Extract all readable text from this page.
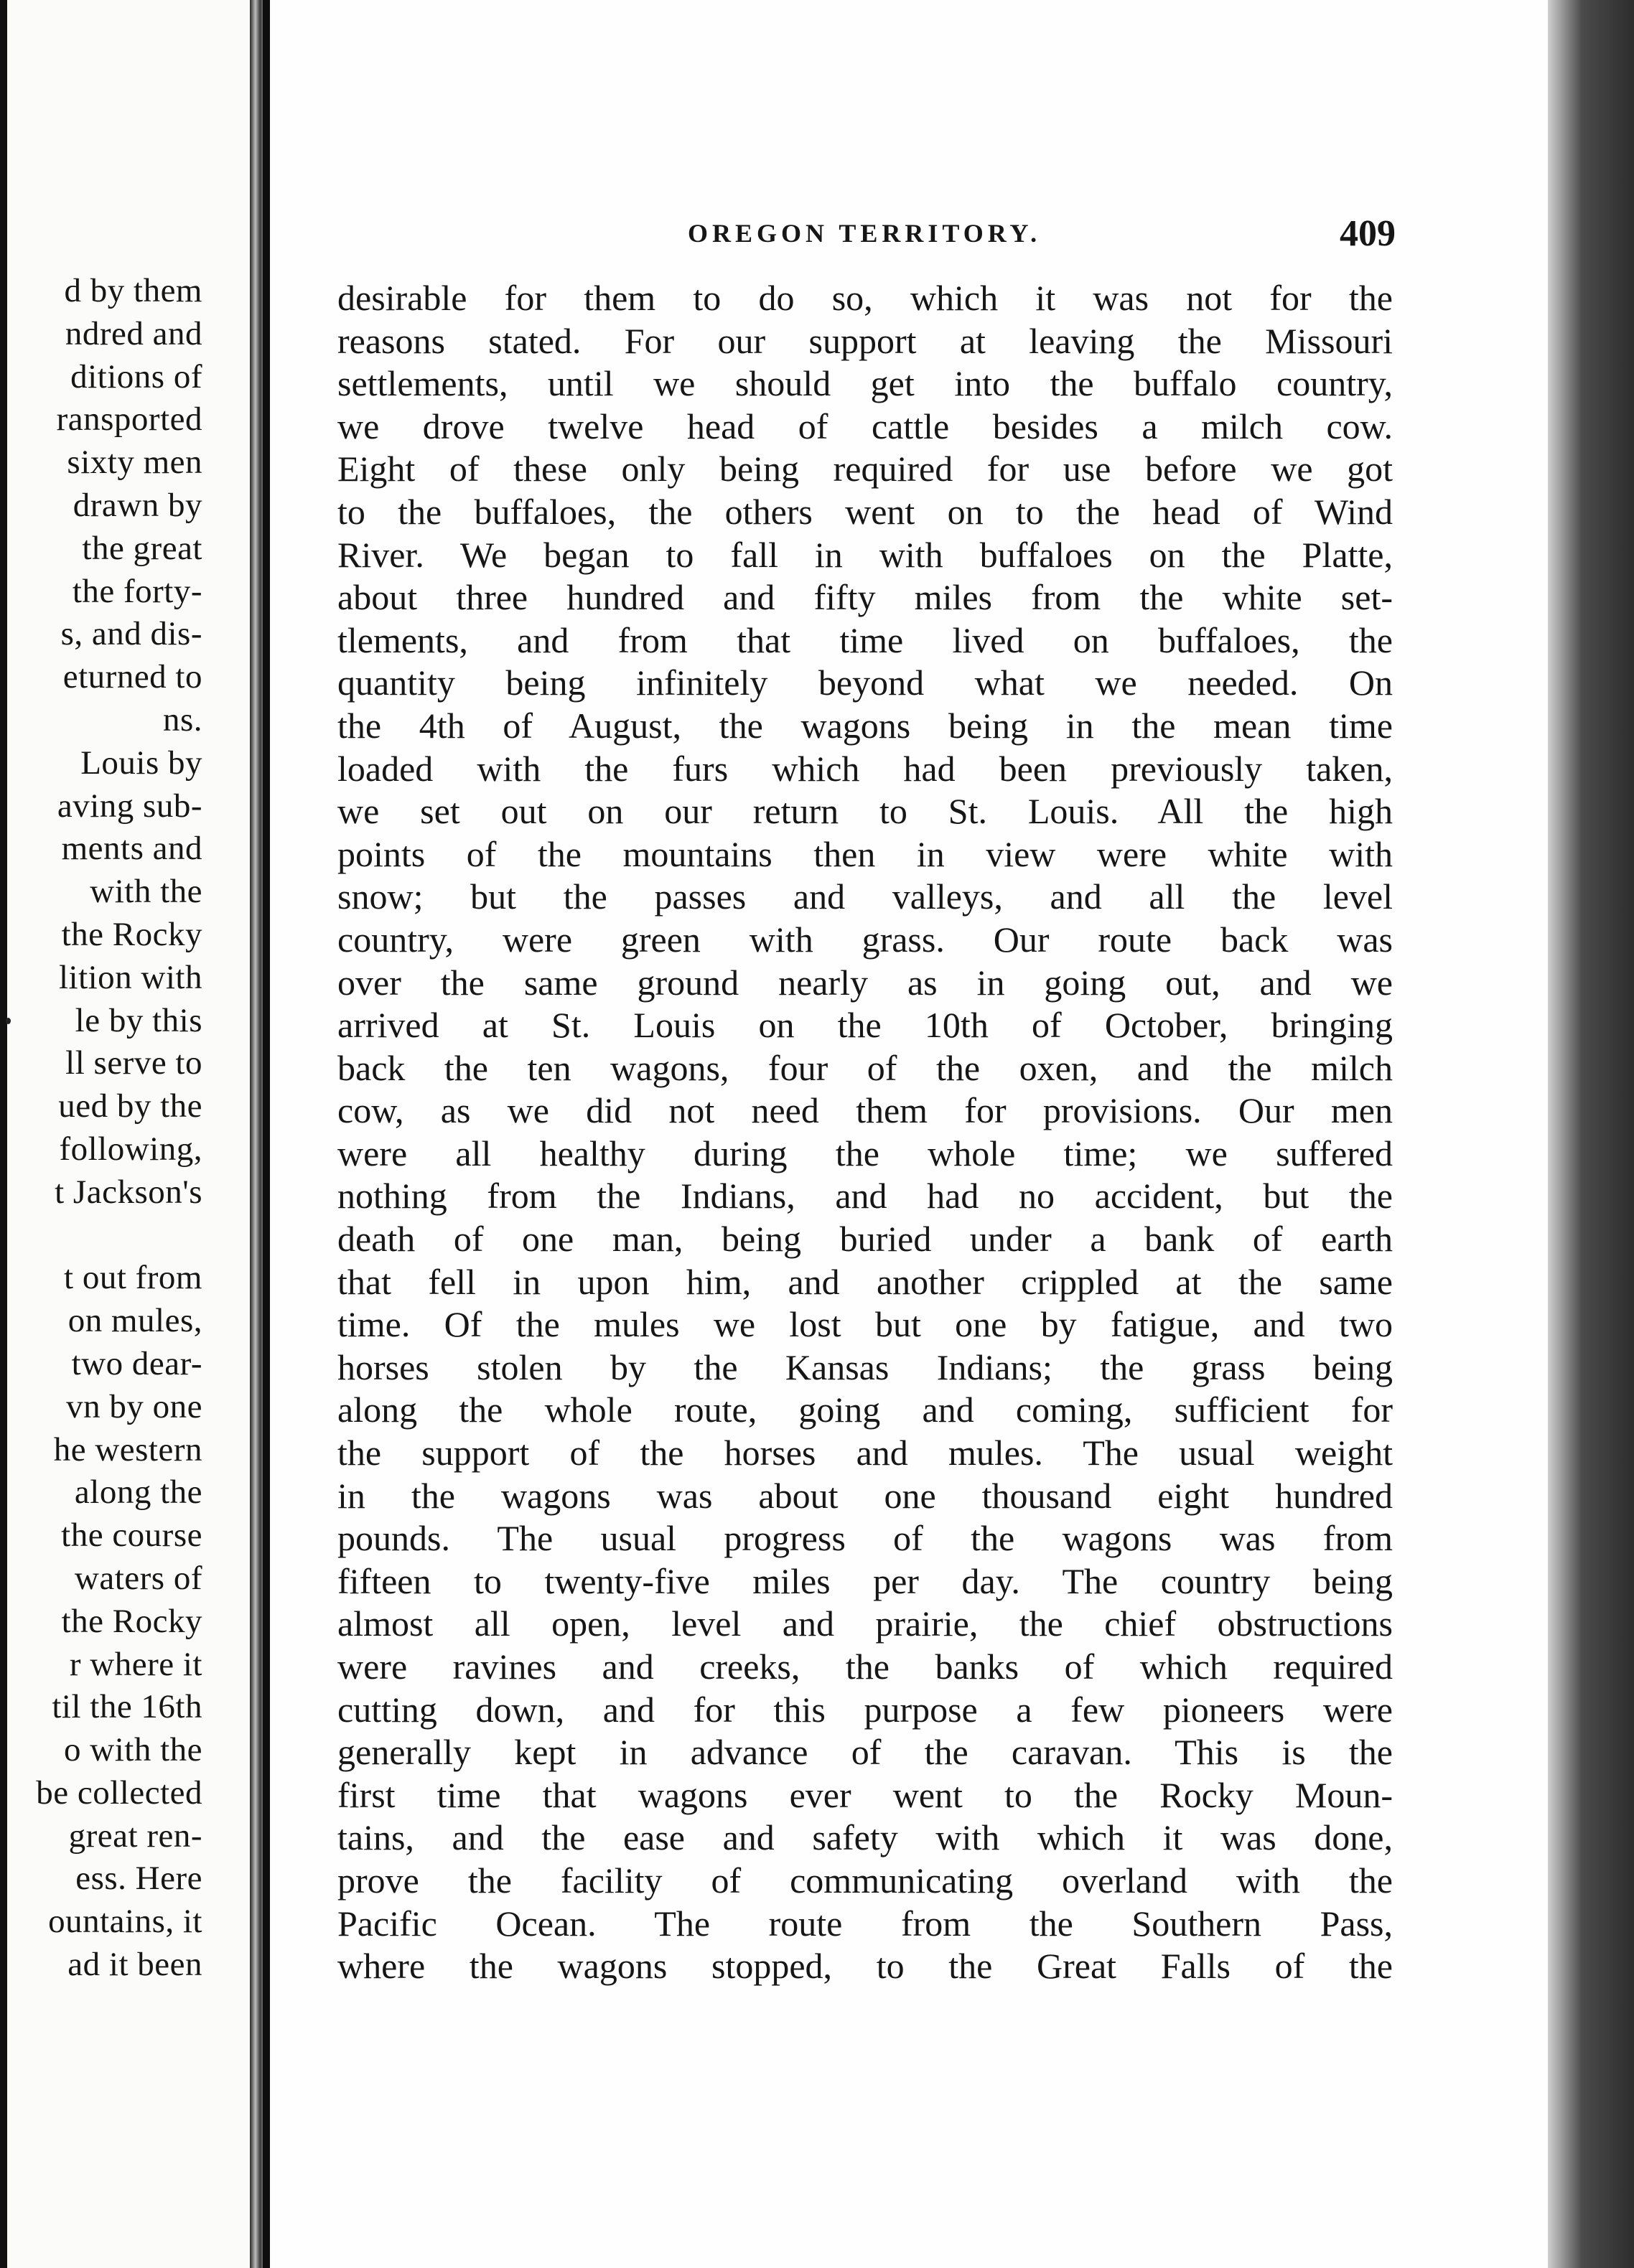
d by them
ndred and
ditions of
ransported
sixty men
drawn by
the great
the forty-
s, and dis-
eturned to
ns.
Louis by
aving sub-
ments and
with the
the Rocky
lition with
le by this
ll serve to
ued by the
following,
t Jackson's
t out from
on mules,
two dear-
vn by one
he western
along the
the course
waters of
the Rocky
r where it
til the 16th
o with the
be collected
great ren-
ess. Here
ountains, it
ad it been
OREGON TERRITORY.	409
desirable for them to do so, which it was not for the
reasons stated. For our support at leaving the Missouri
settlements, until we should get into the buffalo country,
we drove twelve head of cattle besides a milch cow.
Eight of these only being required for use before we got
to the buffaloes, the others went on to the head of Wind
River. We began to fall in with buffaloes on the Platte,
about three hundred and fifty miles from the white set-
tlements, and from that time lived on buffaloes, the
quantity being infinitely beyond what we needed. On
the 4th of August, the wagons being in the mean time
loaded with the furs which had been previously taken,
we set out on our return to St. Louis. All the high
points of the mountains then in view were white with
snow; but the passes and valleys, and all the level
country, were green with grass. Our route back was
over the same ground nearly as in going out, and we
arrived at St. Louis on the 10th of October, bringing
back the ten wagons, four of the oxen, and the milch
cow, as we did not need them for provisions. Our men
were all healthy during the whole time; we suffered
nothing from the Indians, and had no accident, but the
death of one man, being buried under a bank of earth
that fell in upon him, and another crippled at the same
time. Of the mules we lost but one by fatigue, and two
horses stolen by the Kansas Indians; the grass being
along the whole route, going and coming, sufficient for
the support of the horses and mules. The usual weight
in the wagons was about one thousand eight hundred
pounds. The usual progress of the wagons was from
fifteen to twenty-five miles per day. The country being
almost all open, level and prairie, the chief obstructions
were ravines and creeks, the banks of which required
cutting down, and for this purpose a few pioneers were
generally kept in advance of the caravan. This is the
first time that wagons ever went to the Rocky Moun-
tains, and the ease and safety with which it was done,
prove the facility of communicating overland with the
Pacific Ocean. The route from the Southern Pass,
where the wagons stopped, to the Great Falls of the
